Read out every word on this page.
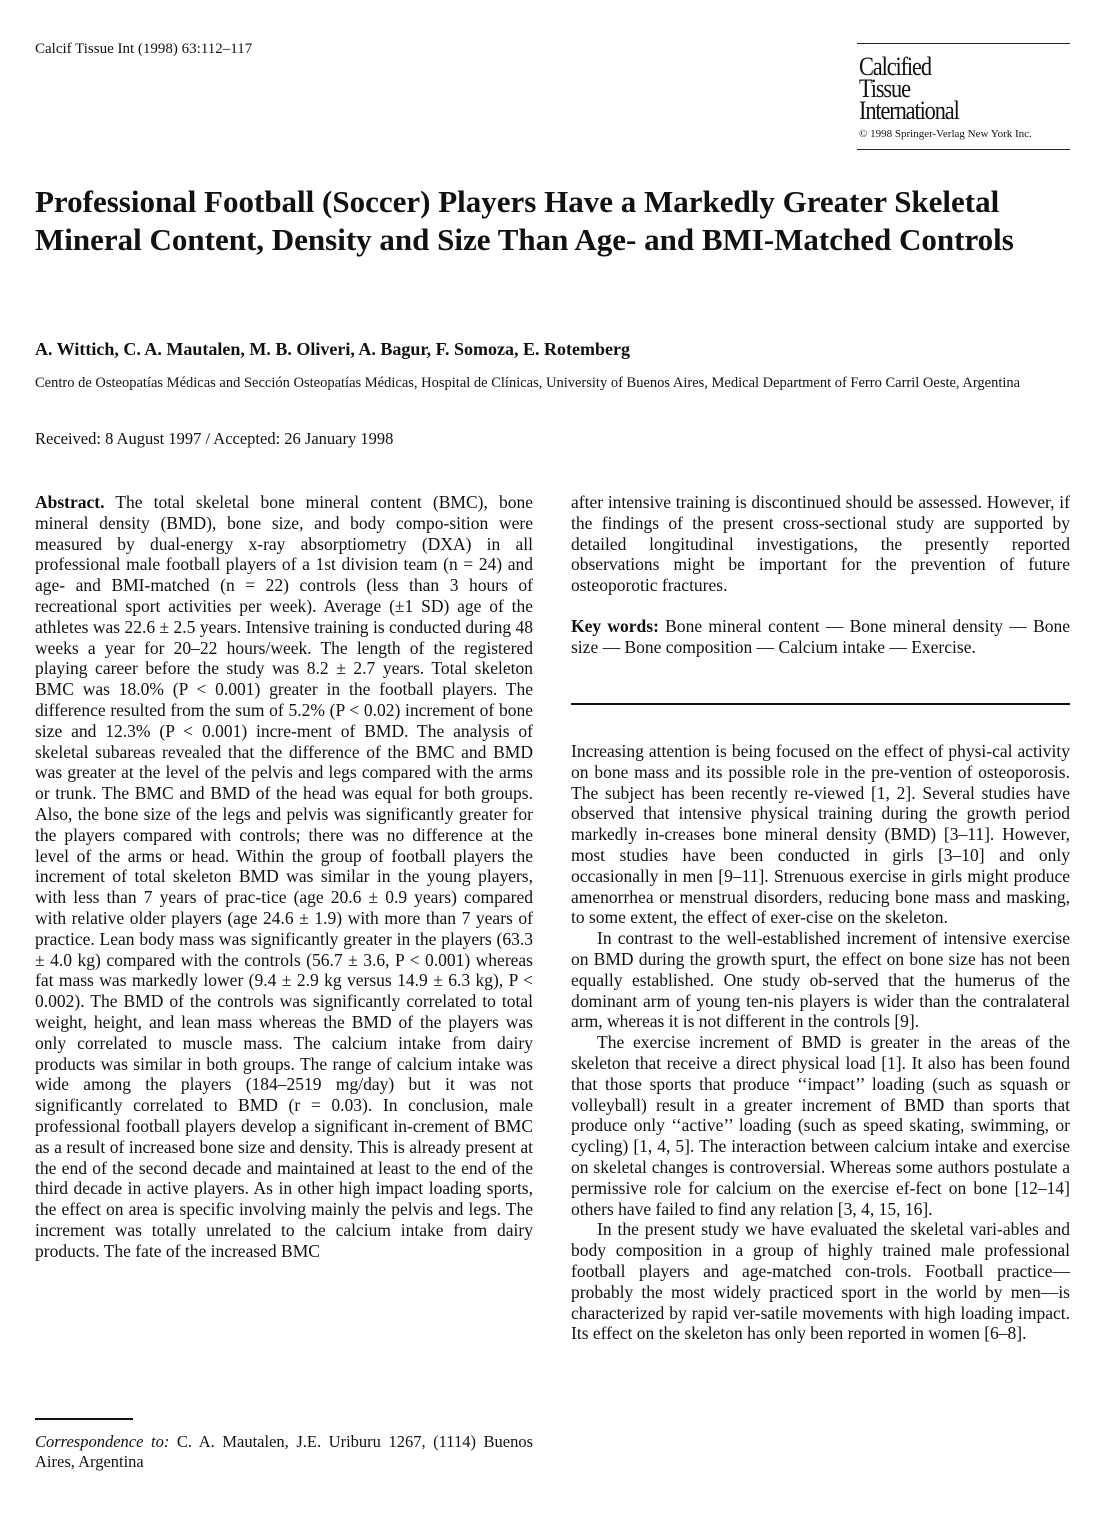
Calcif Tissue Int (1998) 63:112–117
Calcified
Tissue
International
© 1998 Springer-Verlag New York Inc.
Professional Football (Soccer) Players Have a Markedly Greater Skeletal Mineral Content, Density and Size Than Age- and BMI-Matched Controls
A. Wittich, C. A. Mautalen, M. B. Oliveri, A. Bagur, F. Somoza, E. Rotemberg
Centro de Osteopatías Médicas and Sección Osteopatías Médicas, Hospital de Clínicas, University of Buenos Aires, Medical Department of Ferro Carril Oeste, Argentina
Received: 8 August 1997 / Accepted: 26 January 1998

Abstract. The total skeletal bone mineral content (BMC), bone mineral density (BMD), bone size, and body compo-sition were measured by dual-energy x-ray absorptiometry (DXA) in all professional male football players of a 1st division team (n = 24) and age- and BMI-matched (n = 22) controls (less than 3 hours of recreational sport activities per week). Average (±1 SD) age of the athletes was 22.6 ± 2.5 years. Intensive training is conducted during 48 weeks a year for 20–22 hours/week. The length of the registered playing career before the study was 8.2 ± 2.7 years. Total skeleton BMC was 18.0% (P < 0.001) greater in the football players. The difference resulted from the sum of 5.2% (P < 0.02) increment of bone size and 12.3% (P < 0.001) incre-ment of BMD. The analysis of skeletal subareas revealed that the difference of the BMC and BMD was greater at the level of the pelvis and legs compared with the arms or trunk. The BMC and BMD of the head was equal for both groups. Also, the bone size of the legs and pelvis was significantly greater for the players compared with controls; there was no difference at the level of the arms or head. Within the group of football players the increment of total skeleton BMD was similar in the young players, with less than 7 years of prac-tice (age 20.6 ± 0.9 years) compared with relative older players (age 24.6 ± 1.9) with more than 7 years of practice. Lean body mass was significantly greater in the players (63.3 ± 4.0 kg) compared with the controls (56.7 ± 3.6, P < 0.001) whereas fat mass was markedly lower (9.4 ± 2.9 kg versus 14.9 ± 6.3 kg), P < 0.002). The BMD of the controls was significantly correlated to total weight, height, and lean mass whereas the BMD of the players was only correlated to muscle mass. The calcium intake from dairy products was similar in both groups. The range of calcium intake was wide among the players (184–2519 mg/day) but it was not significantly correlated to BMD (r = 0.03). In conclusion, male professional football players develop a significant in-crement of BMC as a result of increased bone size and density. This is already present at the end of the second decade and maintained at least to the end of the third decade in active players. As in other high impact loading sports, the effect on area is specific involving mainly the pelvis and legs. The increment was totally unrelated to the calcium intake from dairy products. The fate of the increased BMC

after intensive training is discontinued should be assessed. However, if the findings of the present cross-sectional study are supported by detailed longitudinal investigations, the presently reported observations might be important for the prevention of future osteoporotic fractures.

Key words: Bone mineral content — Bone mineral density — Bone size — Bone composition — Calcium intake — Exercise.

Increasing attention is being focused on the effect of physi-cal activity on bone mass and its possible role in the pre-vention of osteoporosis. The subject has been recently re-viewed [1, 2]. Several studies have observed that intensive physical training during the growth period markedly in-creases bone mineral density (BMD) [3–11]. However, most studies have been conducted in girls [3–10] and only occasionally in men [9–11]. Strenuous exercise in girls might produce amenorrhea or menstrual disorders, reducing bone mass and masking, to some extent, the effect of exer-cise on the skeleton.

In contrast to the well-established increment of intensive exercise on BMD during the growth spurt, the effect on bone size has not been equally established. One study ob-served that the humerus of the dominant arm of young ten-nis players is wider than the contralateral arm, whereas it is not different in the controls [9].

The exercise increment of BMD is greater in the areas of the skeleton that receive a direct physical load [1]. It also has been found that those sports that produce ‘‘impact’’ loading (such as squash or volleyball) result in a greater increment of BMD than sports that produce only ‘‘active’’ loading (such as speed skating, swimming, or cycling) [1, 4, 5]. The interaction between calcium intake and exercise on skeletal changes is controversial. Whereas some authors postulate a permissive role for calcium on the exercise ef-fect on bone [12–14] others have failed to find any relation [3, 4, 15, 16].

In the present study we have evaluated the skeletal vari-ables and body composition in a group of highly trained male professional football players and age-matched con-trols. Football practice—probably the most widely practiced sport in the world by men—is characterized by rapid ver-satile movements with high loading impact. Its effect on the skeleton has only been reported in women [6–8].

Correspondence to: C. A. Mautalen, J.E. Uriburu 1267, (1114) Buenos Aires, Argentina
